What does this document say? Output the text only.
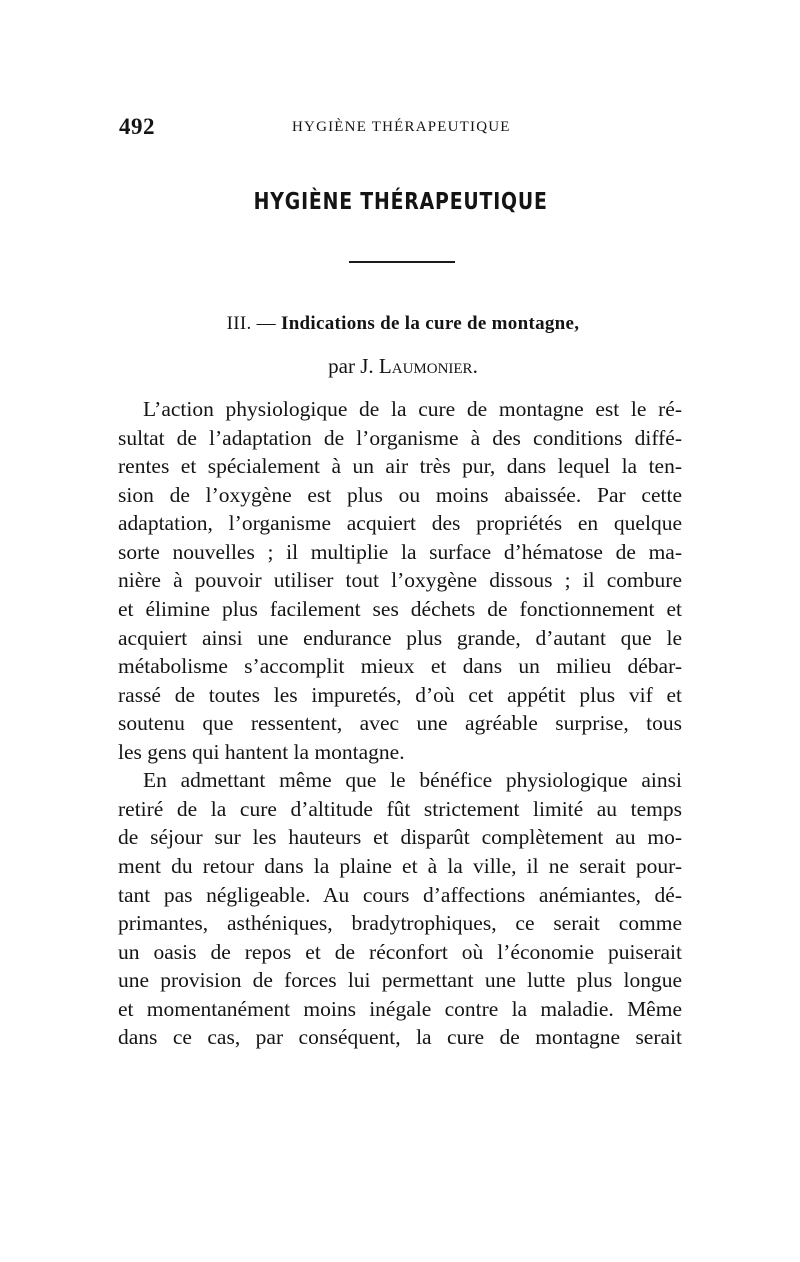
492	HYGIÈNE THÉRAPEUTIQUE
HYGIÈNE THÉRAPEUTIQUE
III. — Indications de la cure de montagne,
par J. Laumonier.
L’action physiologique de la cure de montagne est le ré-
sultat de l’adaptation de l’organisme à des conditions diffé-
rentes et spécialement à un air très pur, dans lequel la ten-
sion de l’oxygène est plus ou moins abaissée. Par cette
adaptation, l’organisme acquiert des propriétés en quelque
sorte nouvelles ; il multiplie la surface d’hématose de ma-
nière à pouvoir utiliser tout l’oxygène dissous ; il combure
et élimine plus facilement ses déchets de fonctionnement et
acquiert ainsi une endurance plus grande, d’autant que le
métabolisme s’accomplit mieux et dans un milieu débar-
rassé de toutes les impuretés, d’où cet appétit plus vif et
soutenu que ressentent, avec une agréable surprise, tous
les gens qui hantent la montagne.
En admettant même que le bénéfice physiologique ainsi
retiré de la cure d’altitude fût strictement limité au temps
de séjour sur les hauteurs et disparût complètement au mo-
ment du retour dans la plaine et à la ville, il ne serait pour-
tant pas négligeable. Au cours d’affections anémiantes, dé-
primantes, asthéniques, bradytrophiques, ce serait comme
un oasis de repos et de réconfort où l’économie puiserait
une provision de forces lui permettant une lutte plus longue
et momentanément moins inégale contre la maladie. Même
dans ce cas, par conséquent, la cure de montagne serait
